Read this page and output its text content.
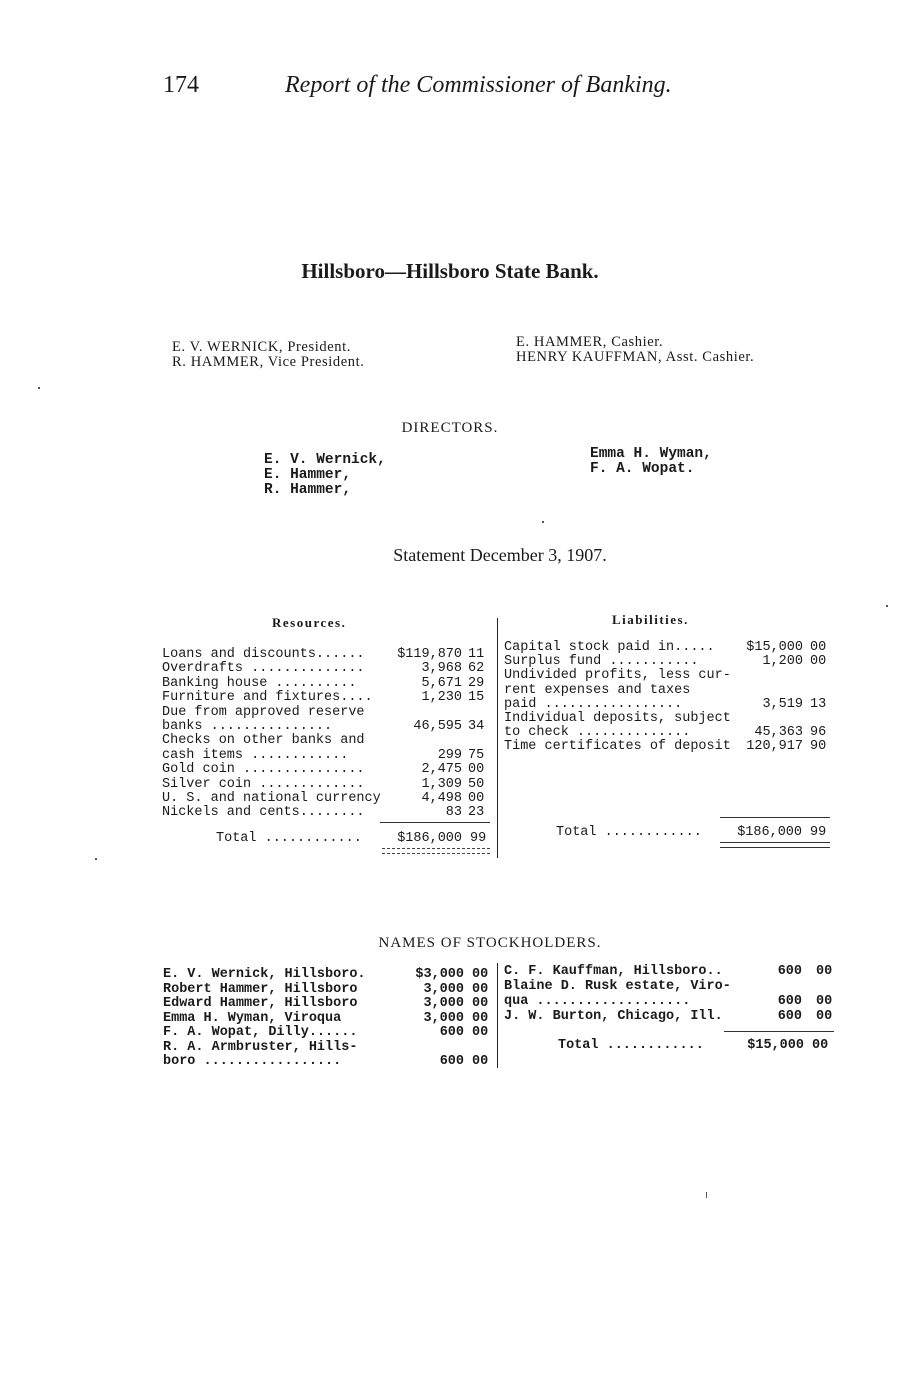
174	Report of the Commissioner of Banking.
Hillsboro—Hillsboro State Bank.
E. V. WERNICK, President.
R. HAMMER, Vice President.
E. HAMMER, Cashier.
HENRY KAUFFMAN, Asst. Cashier.
DIRECTORS.
E. V. Wernick,
E. Hammer,
R. Hammer,
Emma H. Wyman,
F. A. Wopat.
Statement December 3, 1907.
Resources.	Liabilities.
Loans and discounts......	$119,870 11
Overdrafts ..............	3,968 62
Banking house ..........	5,671 29
Furniture and fixtures....	1,230 15
Due from approved reserve
banks ...............	46,595 34
Checks on other banks and
cash items ............	299 75
Gold coin ...............	2,475 00
Silver coin .............	1,309 50
U. S. and national currency	4,498 00
Nickels and cents........	83 23
Total ............	$186,000 99
Capital stock paid in.....	$15,000 00
Surplus fund ...........	1,200 00
Undivided profits, less cur-
rent expenses and taxes
paid .................	3,519 13
Individual deposits, subject
to check ..............	45,363 96
Time certificates of deposit	120,917 90
Total ............	$186,000 99
NAMES OF STOCKHOLDERS.
E. V. Wernick, Hillsboro.	$3,000 00
Robert Hammer, Hillsboro	3,000 00
Edward Hammer, Hillsboro	3,000 00
Emma H. Wyman, Viroqua	3,000 00
F. A. Wopat, Dilly......	600 00
R. A. Armbruster, Hills-
boro .................	600 00
C. F. Kauffman, Hillsboro..	600 00
Blaine D. Rusk estate, Viro-
qua ...................	600 00
J. W. Burton, Chicago, Ill.	600 00
Total ............	$15,000 00
